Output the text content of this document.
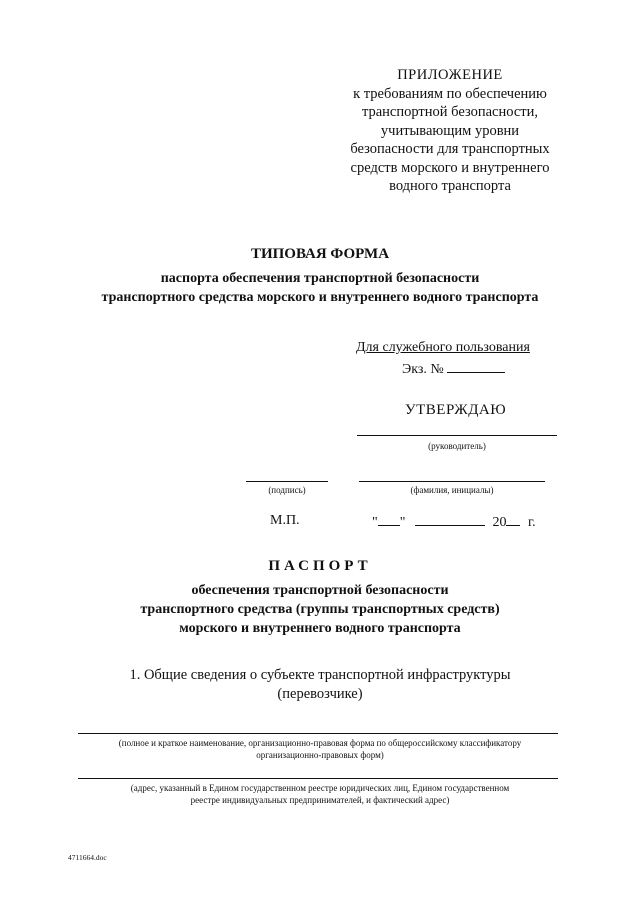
ПРИЛОЖЕНИЕ
к требованиям по обеспечению
транспортной безопасности,
учитывающим уровни
безопасности для транспортных
средств морского и внутреннего
водного транспорта
ТИПОВАЯ ФОРМА
паспорта обеспечения транспортной безопасности
транспортного средства морского и внутреннего водного транспорта
Для служебного пользования
Экз. №
УТВЕРЖДАЮ
(руководитель)
(подпись)	(фамилия, инициалы)
М.П.	" "	20 г.
ПАСПОРТ
обеспечения транспортной безопасности
транспортного средства (группы транспортных средств)
морского и внутреннего водного транспорта
1. Общие сведения о субъекте транспортной инфраструктуры
(перевозчике)
(полное и краткое наименование, организационно-правовая форма по общероссийскому классификатору
организационно-правовых форм)
(адрес, указанный в Едином государственном реестре юридических лиц, Едином государственном
реестре индивидуальных предпринимателей, и фактический адрес)
4711664.doc
